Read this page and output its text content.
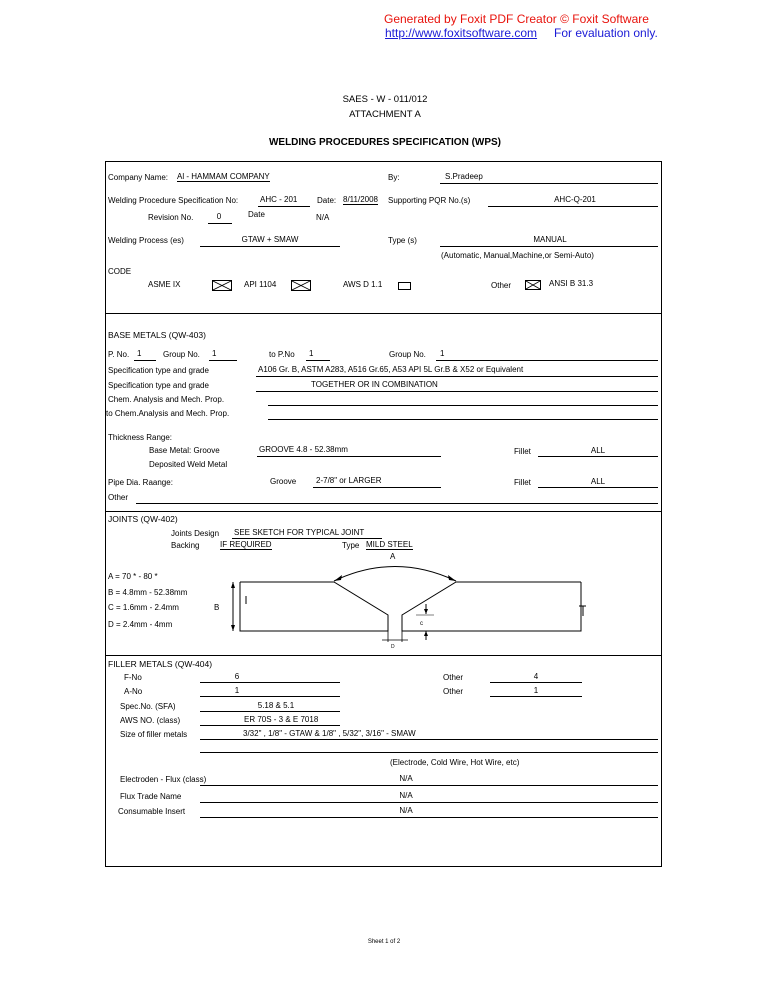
Generated by Foxit PDF Creator © Foxit Software
http://www.foxitsoftware.com For evaluation only.
SAES - W - 011/012
ATTACHMENT A
WELDING PROCEDURES SPECIFICATION (WPS)
Company Name: Al - HAMMAM COMPANY	By:	S.Pradeep
Welding Procedure Specification No:	AHC - 201 Date: 8/11/2008 Supporting PQR No.(s)	AHC-Q-201
Revision No.	0	Date	N/A
Welding Process (es)	GTAW + SMAW	Type (s)	MANUAL
(Automatic, Manual,Machine,or Semi-Auto)
CODE
ASME IX	API 1104	AWS D 1.1	Other	ANSI B 31.3
BASE METALS (QW-403)
P. No. 1	Group No. 1	to P.No 1	Group No. 1
Specification type and grade	A106 Gr. B, ASTM A283, A516 Gr.65, A53 API 5L Gr.B & X52 or Equivalent
Specification type and grade	TOGETHER OR IN COMBINATION
Chem. Analysis and Mech. Prop.
to Chem.Analysis and Mech. Prop.
Thickness Range:
Base Metal: Groove	GROOVE 4.8 - 52.38mm	Fillet	ALL
Deposited Weld Metal
Pipe Dia. Raange:	Groove 2-7/8" or LARGER	Fillet	ALL
Other
JOINTS (QW-402)
Joints Design SEE SKETCH FOR TYPICAL JOINT
Backing	IF REQUIRED	Type MILD STEEL
A = 70 * - 80 *
B = 4.8mm - 52.38mm
C = 1.6mm - 2.4mm
D = 2.4mm - 4mm
A
B
c
D
FILLER METALS (QW-404)
F-No	6	Other	4
A-No	1	Other	1
Spec.No. (SFA)	5.18 & 5.1
AWS NO. (class)	ER 70S - 3 & E 7018
Size of filler metals	3/32" , 1/8" - GTAW & 1/8" , 5/32", 3/16" - SMAW
(Electrode, Cold Wire, Hot Wire, etc)
Electroden - Flux (class)	N/A
Flux Trade Name	N/A
Consumable Insert	N/A
Sheet 1 of 2
